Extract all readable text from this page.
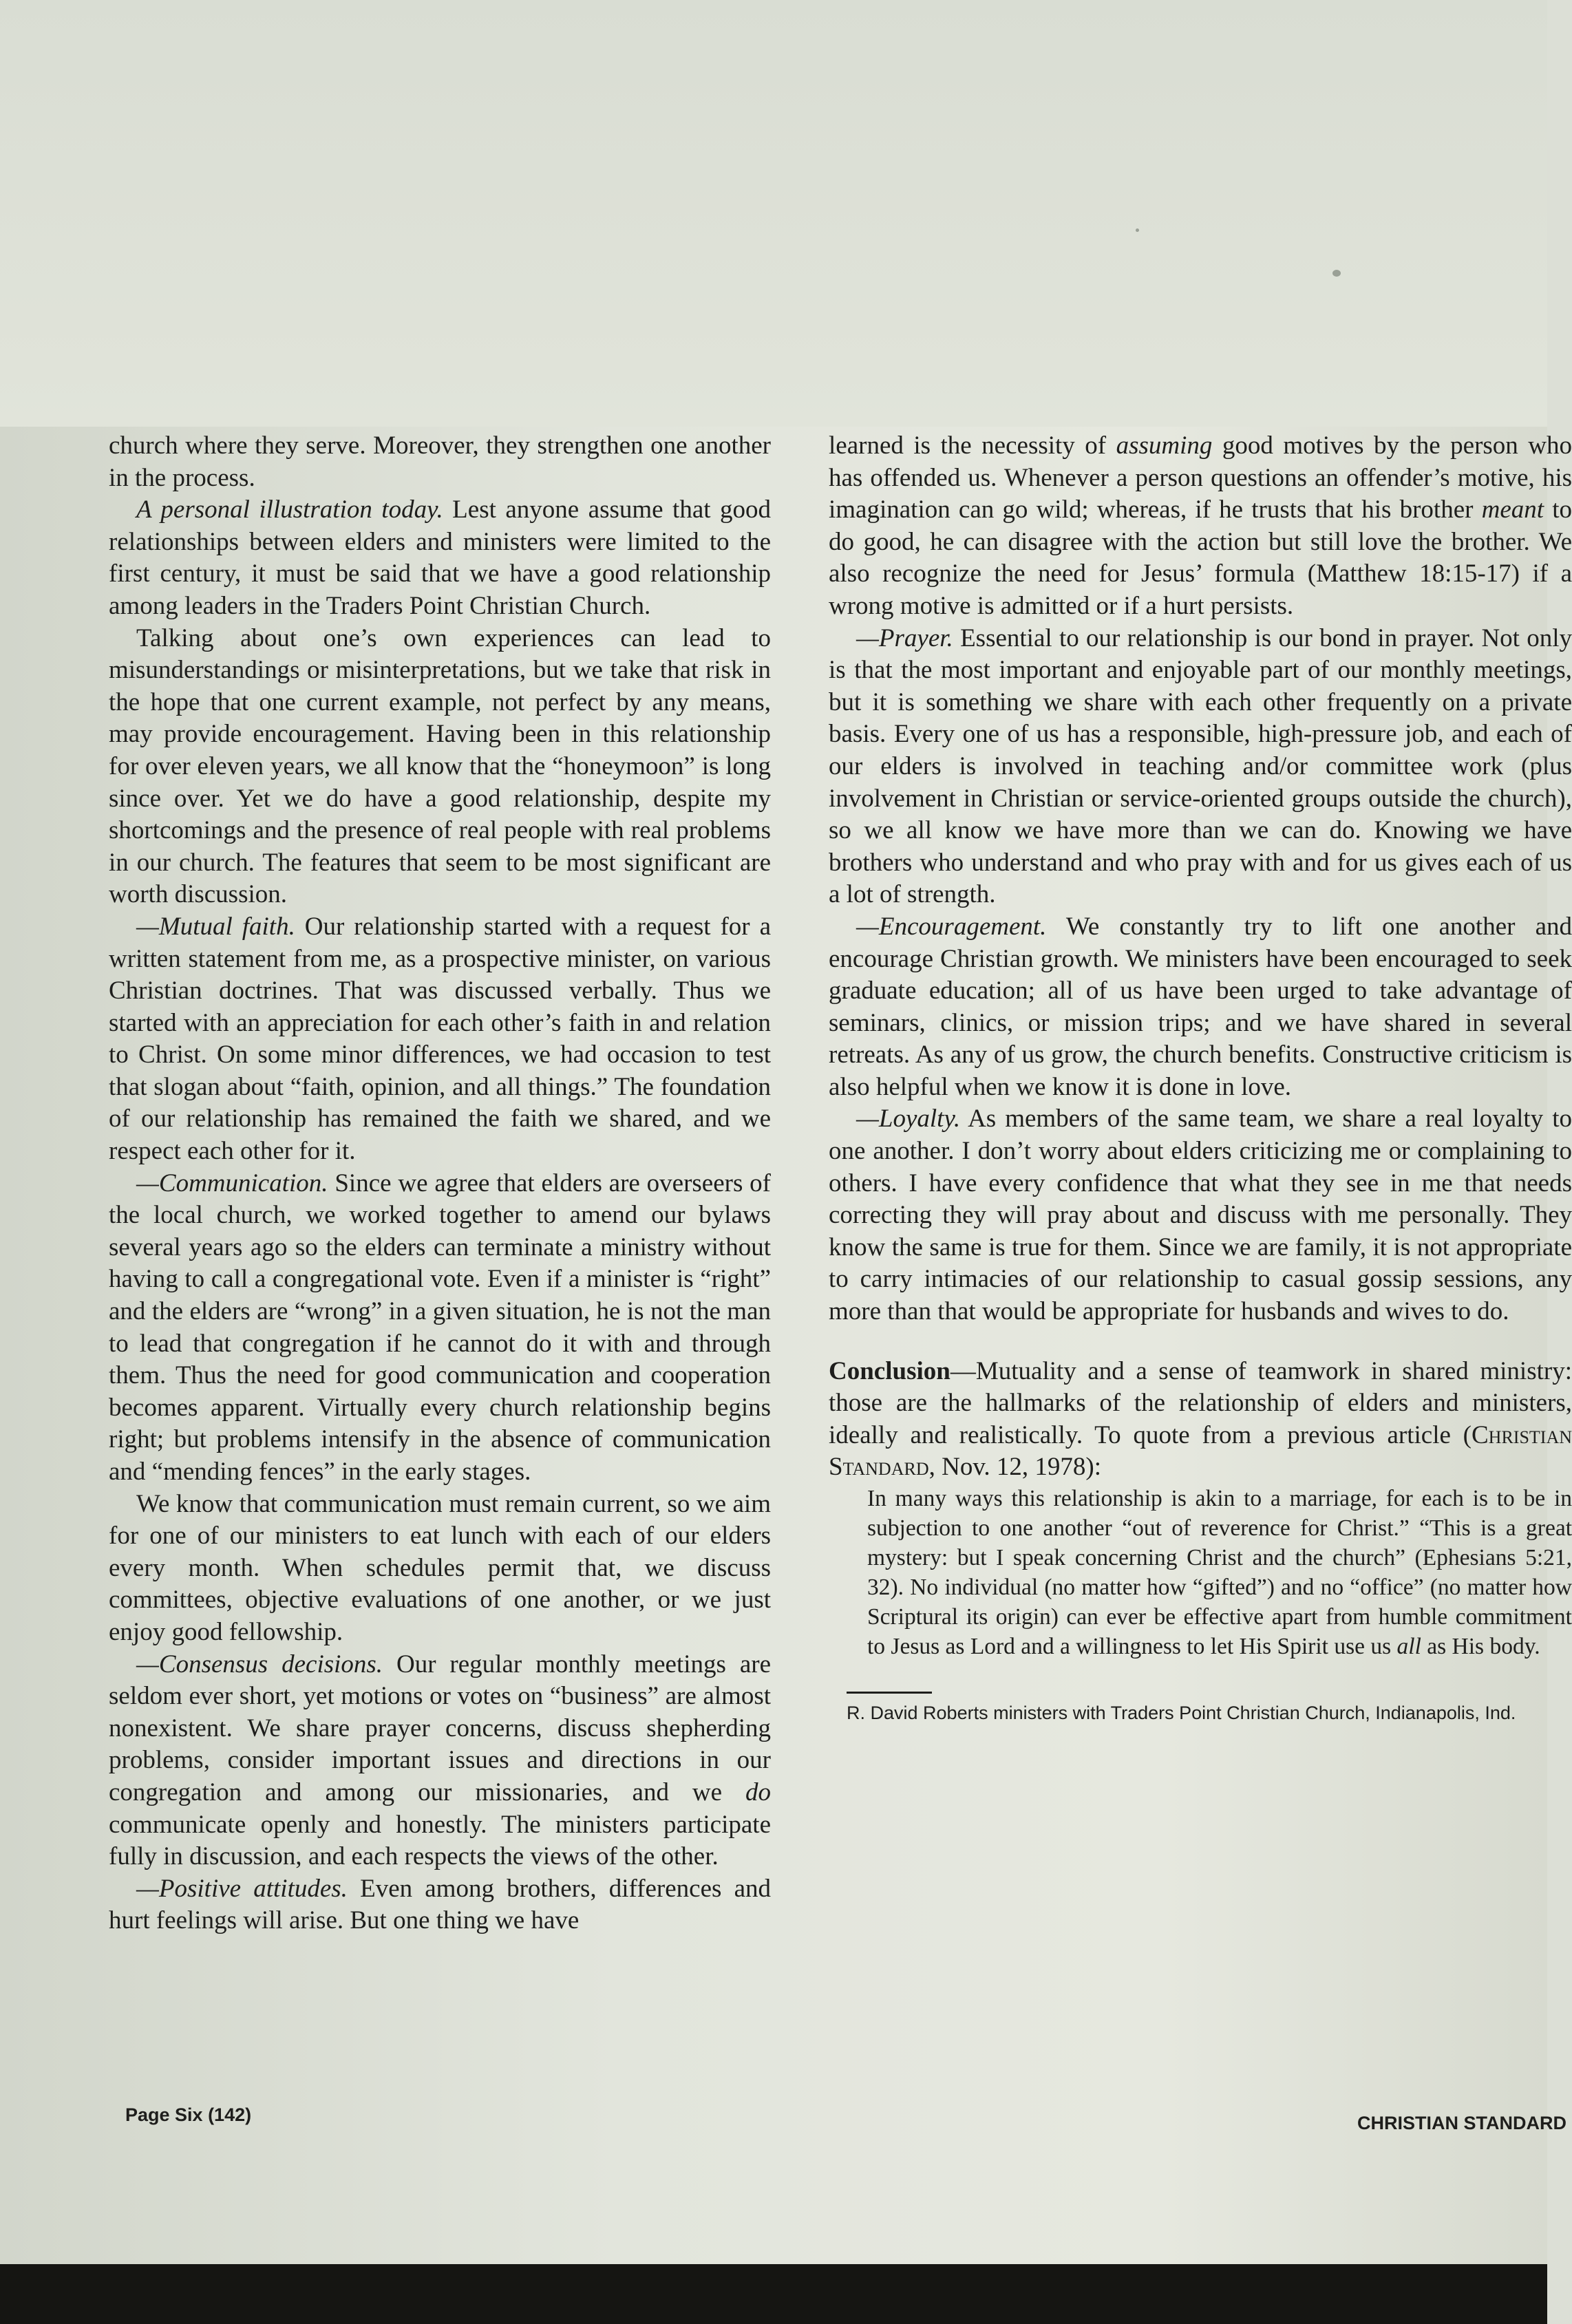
church where they serve. Moreover, they strengthen one another in the process.

A personal illustration today. Lest anyone assume that good relationships between elders and ministers were limited to the first century, it must be said that we have a good relationship among leaders in the Traders Point Christian Church.

Talking about one’s own experiences can lead to misunderstandings or misinterpretations, but we take that risk in the hope that one current example, not perfect by any means, may provide encouragement. Having been in this relationship for over eleven years, we all know that the “honeymoon” is long since over. Yet we do have a good relationship, despite my shortcomings and the presence of real people with real problems in our church. The features that seem to be most significant are worth discussion.

—Mutual faith. Our relationship started with a request for a written statement from me, as a prospective minister, on various Christian doctrines. That was discussed verbally. Thus we started with an appreciation for each other’s faith in and relation to Christ. On some minor differences, we had occasion to test that slogan about “faith, opinion, and all things.” The foundation of our relationship has remained the faith we shared, and we respect each other for it.

—Communication. Since we agree that elders are overseers of the local church, we worked together to amend our bylaws several years ago so the elders can terminate a ministry without having to call a congregational vote. Even if a minister is “right” and the elders are “wrong” in a given situation, he is not the man to lead that congregation if he cannot do it with and through them. Thus the need for good communication and cooperation becomes apparent. Virtually every church relationship begins right; but problems intensify in the absence of communication and “mending fences” in the early stages.

We know that communication must remain current, so we aim for one of our ministers to eat lunch with each of our elders every month. When schedules permit that, we discuss committees, objective evaluations of one another, or we just enjoy good fellowship.

—Consensus decisions. Our regular monthly meetings are seldom ever short, yet motions or votes on “business” are almost nonexistent. We share prayer concerns, discuss shepherding problems, consider important issues and directions in our congregation and among our missionaries, and we do communicate openly and honestly. The ministers participate fully in discussion, and each respects the views of the other.

—Positive attitudes. Even among brothers, differences and hurt feelings will arise. But one thing we have

learned is the necessity of assuming good motives by the person who has offended us. Whenever a person questions an offender’s motive, his imagination can go wild; whereas, if he trusts that his brother meant to do good, he can disagree with the action but still love the brother. We also recognize the need for Jesus’ formula (Matthew 18:15-17) if a wrong motive is admitted or if a hurt persists.

—Prayer. Essential to our relationship is our bond in prayer. Not only is that the most important and enjoyable part of our monthly meetings, but it is something we share with each other frequently on a private basis. Every one of us has a responsible, high-pressure job, and each of our elders is involved in teaching and/or committee work (plus involvement in Christian or service-oriented groups outside the church), so we all know we have more than we can do. Knowing we have brothers who understand and who pray with and for us gives each of us a lot of strength.

—Encouragement. We constantly try to lift one another and encourage Christian growth. We ministers have been encouraged to seek graduate education; all of us have been urged to take advantage of seminars, clinics, or mission trips; and we have shared in several retreats. As any of us grow, the church benefits. Constructive criticism is also helpful when we know it is done in love.

—Loyalty. As members of the same team, we share a real loyalty to one another. I don’t worry about elders criticizing me or complaining to others. I have every confidence that what they see in me that needs correcting they will pray about and discuss with me personally. They know the same is true for them. Since we are family, it is not appropriate to carry intimacies of our relationship to casual gossip sessions, any more than that would be appropriate for husbands and wives to do.

Conclusion—Mutuality and a sense of teamwork in shared ministry: those are the hallmarks of the relationship of elders and ministers, ideally and realistically. To quote from a previous article (Christian Standard, Nov. 12, 1978):

In many ways this relationship is akin to a marriage, for each is to be in subjection to one another “out of reverence for Christ.” “This is a great mystery: but I speak concerning Christ and the church” (Ephesians 5:21, 32). No individual (no matter how “gifted”) and no “office” (no matter how Scriptural its origin) can ever be effective apart from humble commitment to Jesus as Lord and a willingness to let His Spirit use us all as His body.

R. David Roberts ministers with Traders Point Christian Church, Indianapolis, Ind.

Page Six (142)	CHRISTIAN STANDARD
